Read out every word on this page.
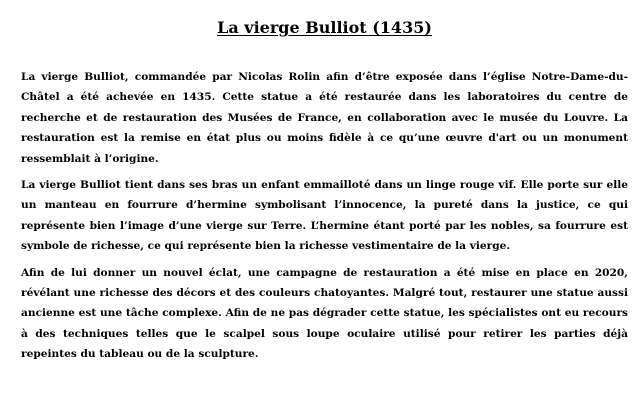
La vierge Bulliot (1435)

La vierge Bulliot, commandée par Nicolas Rolin afin d’être exposée dans l’église Notre-Dame-du-Châtel a été achevée en 1435. Cette statue a été restaurée dans les laboratoires du centre de recherche et de restauration des Musées de France, en collaboration avec le musée du Louvre. La restauration est la remise en état plus ou moins fidèle à ce qu’une œuvre d'art ou un monument ressemblait à l’origine.

La vierge Bulliot tient dans ses bras un enfant emmailloté dans un linge rouge vif. Elle porte sur elle un manteau en fourrure d’hermine symbolisant l’innocence, la pureté dans la justice, ce qui représente bien l’image d’une vierge sur Terre. L’hermine étant porté par les nobles, sa fourrure est symbole de richesse, ce qui représente bien la richesse vestimentaire de la vierge.

Afin de lui donner un nouvel éclat, une campagne de restauration a été mise en place en 2020, révélant une richesse des décors et des couleurs chatoyantes. Malgré tout, restaurer une statue aussi ancienne est une tâche complexe. Afin de ne pas dégrader cette statue, les spécialistes ont eu recours à des techniques telles que le scalpel sous loupe oculaire utilisé pour retirer les parties déjà repeintes du tableau ou de la sculpture.
